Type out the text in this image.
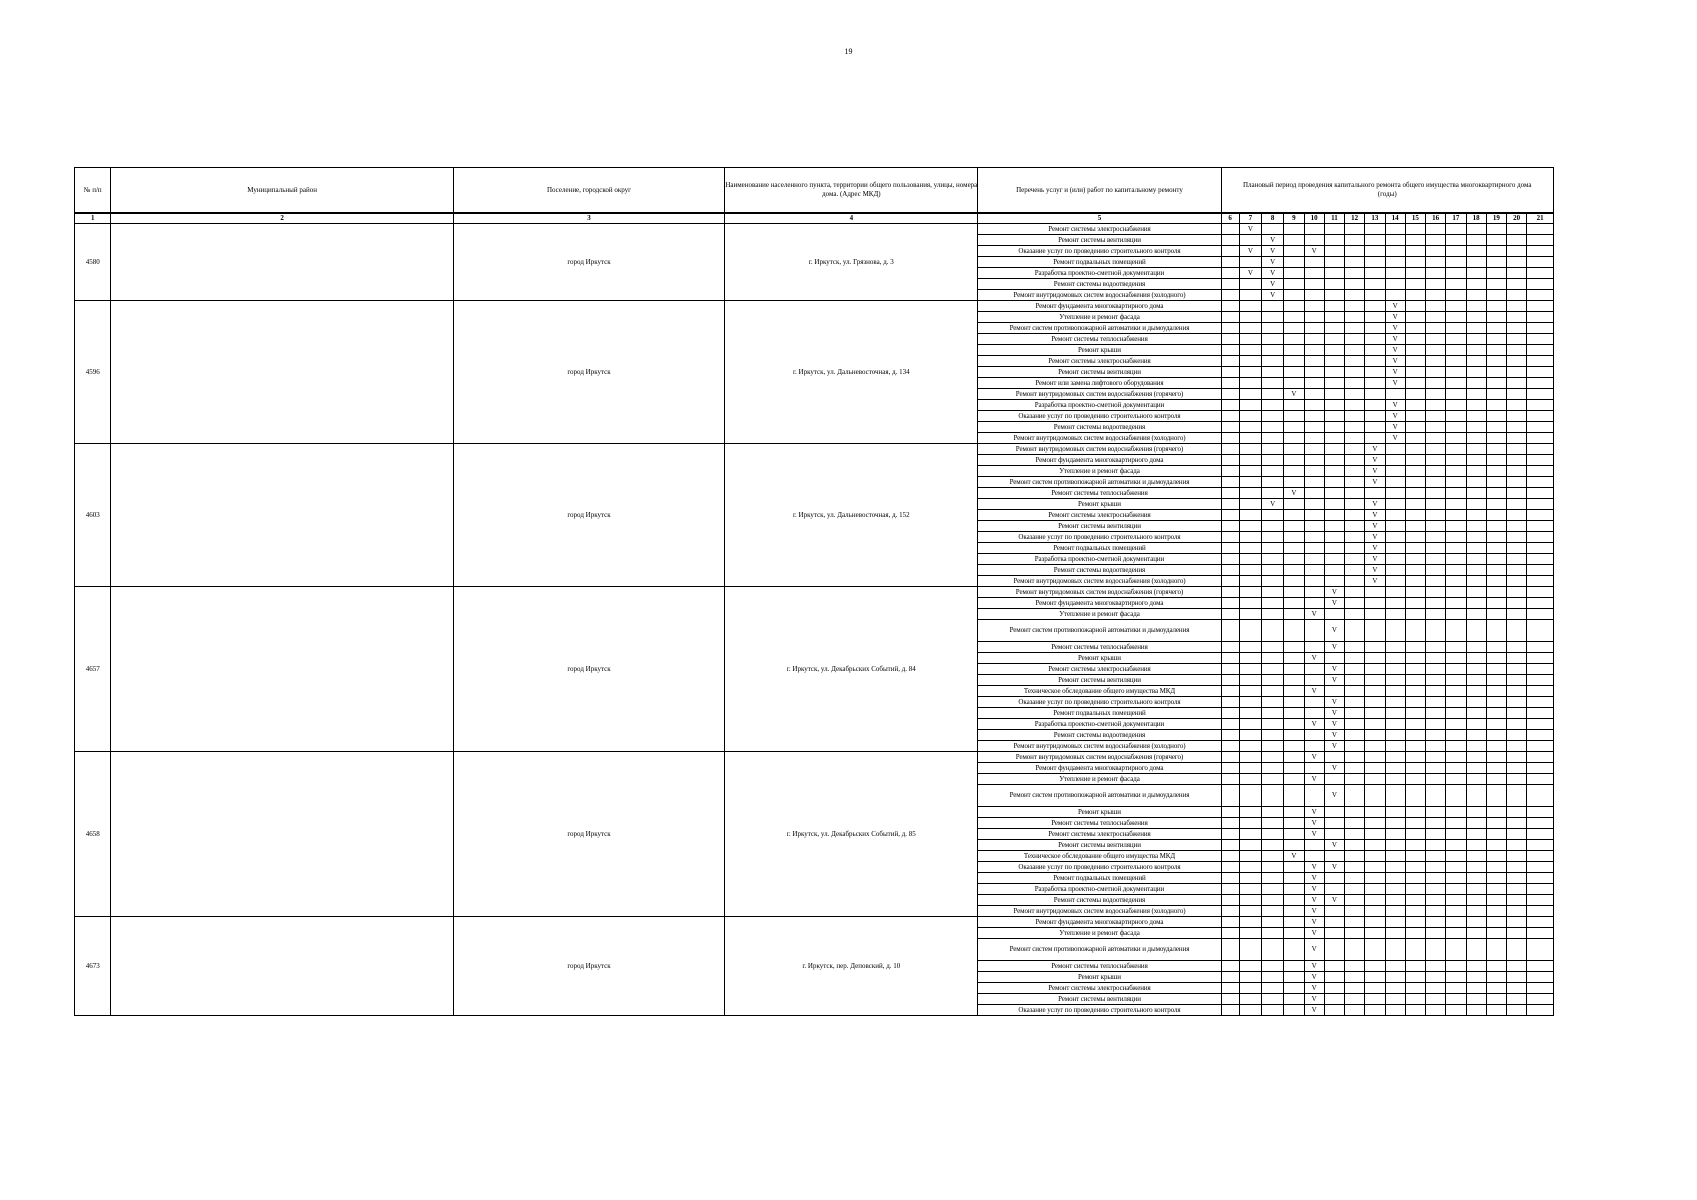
19
№ п/п	Муниципальный район	Поселение, городской округ	Наименование населенного пункта, территории общего пользования, улицы, номера дома. (Адрес МКД)	Перечень услуг и (или) работ по капитальному ремонту	Плановый период проведения капитального ремонта общего имущества многоквартирного дома (годы)															
1	2	3	4	5	6	7	8	9	10	11	12	13	14	15	16	17	18	19	20	21
4580		город Иркутск	г. Иркутск, ул. Грязнова, д. 3	Ремонт системы электроснабжения		V														
				Ремонт системы вентиляции			V													
				Оказание услуг по проведению строительного контроля		V	V		V											
				Ремонт подвальных помещений			V													
				Разработка проектно-сметной документации		V	V													
				Ремонт системы водоотведения			V													
				Ремонт внутридомовых систем водоснабжения (холодного)			V													
4596		город Иркутск	г. Иркутск, ул. Дальневосточная, д. 134	Ремонт фундамента многоквартирного дома									V							
				Утепление и ремонт фасада									V							
				Ремонт систем противопожарной автоматики и дымоудаления									V							
				Ремонт системы теплоснабжения									V							
				Ремонт крыши									V							
				Ремонт системы электроснабжения									V							
				Ремонт системы вентиляции									V							
				Ремонт или замена лифтового оборудования									V							
				Ремонт внутридомовых систем водоснабжения (горячего)				V												
				Разработка проектно-сметной документации									V							
				Оказание услуг по проведению строительного контроля									V							
				Ремонт системы водоотведения									V							
				Ремонт внутридомовых систем водоснабжения (холодного)									V							
4603		город Иркутск	г. Иркутск, ул. Дальневосточная, д. 152	Ремонт внутридомовых систем водоснабжения (горячего)								V								
				Ремонт фундамента многоквартирного дома								V								
				Утепление и ремонт фасада								V								
				Ремонт систем противопожарной автоматики и дымоудаления								V								
				Ремонт системы теплоснабжения				V												
				Ремонт крыши			V					V								
				Ремонт системы электроснабжения								V								
				Ремонт системы вентиляции								V								
				Оказание услуг по проведению строительного контроля								V								
				Ремонт подвальных помещений								V								
				Разработка проектно-сметной документации								V								
				Ремонт системы водоотведения								V								
				Ремонт внутридомовых систем водоснабжения (холодного)								V								
4657		город Иркутск	г. Иркутск, ул. Декабрьских Событий, д. 84	Ремонт внутридомовых систем водоснабжения (горячего)						V										
				Ремонт фундамента многоквартирного дома						V										
				Утепление и ремонт фасада					V											
				Ремонт систем противопожарной автоматики и дымоудаления						V										
				Ремонт системы теплоснабжения						V										
				Ремонт крыши					V											
				Ремонт системы электроснабжения						V										
				Ремонт системы вентиляции						V										
				Техническое обследование общего имущества МКД					V											
				Оказание услуг по проведению строительного контроля						V										
				Ремонт подвальных помещений						V										
				Разработка проектно-сметной документации					V	V										
				Ремонт системы водоотведения						V										
				Ремонт внутридомовых систем водоснабжения (холодного)						V										
4658		город Иркутск	г. Иркутск, ул. Декабрьских Событий, д. 85	Ремонт внутридомовых систем водоснабжения (горячего)					V											
				Ремонт фундамента многоквартирного дома						V										
				Утепление и ремонт фасада					V											
				Ремонт систем противопожарной автоматики и дымоудаления						V										
				Ремонт крыши					V											
				Ремонт системы теплоснабжения					V											
				Ремонт системы электроснабжения					V											
				Ремонт системы вентиляции						V										
				Техническое обследование общего имущества МКД				V												
				Оказание услуг по проведению строительного контроля					V	V										
				Ремонт подвальных помещений					V											
				Разработка проектно-сметной документации					V											
				Ремонт системы водоотведения					V	V										
				Ремонт внутридомовых систем водоснабжения (холодного)					V											
4673		город Иркутск	г. Иркутск, пер. Деповский, д. 10	Ремонт фундамента многоквартирного дома					V											
				Утепление и ремонт фасада					V											
				Ремонт систем противопожарной автоматики и дымоудаления					V											
				Ремонт системы теплоснабжения					V											
				Ремонт крыши					V											
				Ремонт системы электроснабжения					V											
				Ремонт системы вентиляции					V											
				Оказание услуг по проведению строительного контроля					V											
